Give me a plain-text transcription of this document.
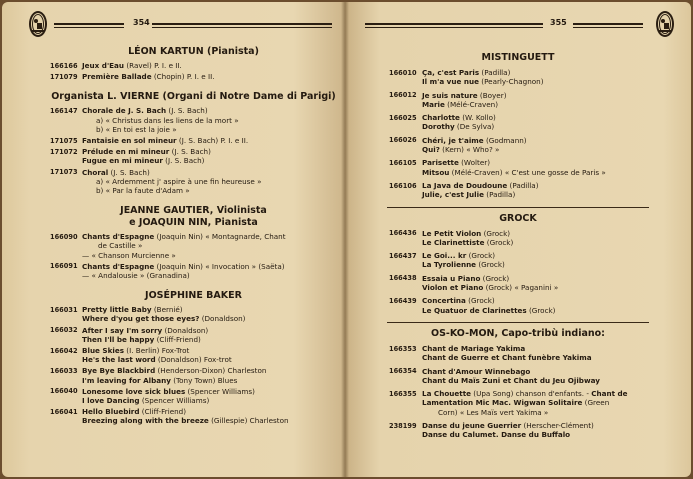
354
LÉON KARTUN (Pianista)
166166 Jeux d'Eau (Ravel) P. I. e II.
171079 Première Ballade (Chopin) P. I. e II.
Organista L. VIERNE (Organi di Notre Dame di Parigi)
166147 Chorale de J. S. Bach (J. S. Bach)
a) « Christus dans les liens de la mort »
b) « En toi est la joie »
171075 Fantaisie en sol mineur (J. S. Bach) P. I. e II.
171072 Prélude en mi mineur (J. S. Bach)
Fugue en mi mineur (J. S. Bach)
171073 Choral (J. S. Bach)
a) « Ardemment j' aspire à une fin heureuse »
b) « Par la faute d'Adam »
JEANNE GAUTIER, Violinista
e JOAQUIN NIN, Pianista
166090 Chants d'Espagne (Joaquin Nin) « Montagnarde, Chant
de Castille »
— « Chanson Murcienne »
166091 Chants d'Espagne (Joaquin Nin) « Invocation » (Saëta)
— « Andalousie » (Granadina)
JOSÉPHINE BAKER
166031 Pretty little Baby (Bernié)
Where d'you get those eyes? (Donaldson)
166032 After I say I'm sorry (Donaldson)
Then I'll be happy (Cliff-Friend)
166042 Blue Skies (I. Berlin) Fox-Trot
He's the last word (Donaldson) Fox-trot
166033 Bye Bye Blackbird (Henderson-Dixon) Charleston
I'm leaving for Albany (Tony Town) Blues
166040 Lonesome love sick blues (Spencer Williams)
I love Dancing (Spencer Williams)
166041 Hello Bluebird (Cliff-Friend)
Breezing along with the breeze (Gillespie) Charleston
355
MISTINGUETT
166010 Ça, c'est Paris (Padilla)
Il m'a vue nue (Pearly-Chagnon)
166012 Je suis nature (Boyer)
Marie (Mélé-Craven)
166025 Charlotte (W. Kollo)
Dorothy (De Sylva)
166026 Chéri, je t'aime (Godmann)
Qui? (Kern) « Who? »
166105 Parisette (Wolter)
Mitsou (Mélé-Craven) « C'est une gosse de Paris »
166106 La Java de Doudoune (Padilla)
Julie, c'est Julie (Padilla)
GROCK
166436 Le Petit Violon (Grock)
Le Clarinettiste (Grock)
166437 Le Goi... kr (Grock)
La Tyrolienne (Grock)
166438 Essaia u Piano (Grock)
Violon et Piano (Grock) « Paganini »
166439 Concertina (Grock)
Le Quatuor de Clarinettes (Grock)
OS-KO-MON, Capo-tribù indiano:
166353 Chant de Mariage Yakima
Chant de Guerre et Chant funèbre Yakima
166354 Chant d'Amour Winnebago
Chant du Maïs Zuni et Chant du Jeu Ojibway
166355 La Chouette (Upa Song) chanson d'enfants. - Chant de
Lamentation Mic Mac. Wigwan Solitaire (Green
Corn) « Les Maïs vert Yakima »
238199 Danse du jeune Guerrier (Herscher-Clément)
Danse du Calumet. Danse du Buffalo
